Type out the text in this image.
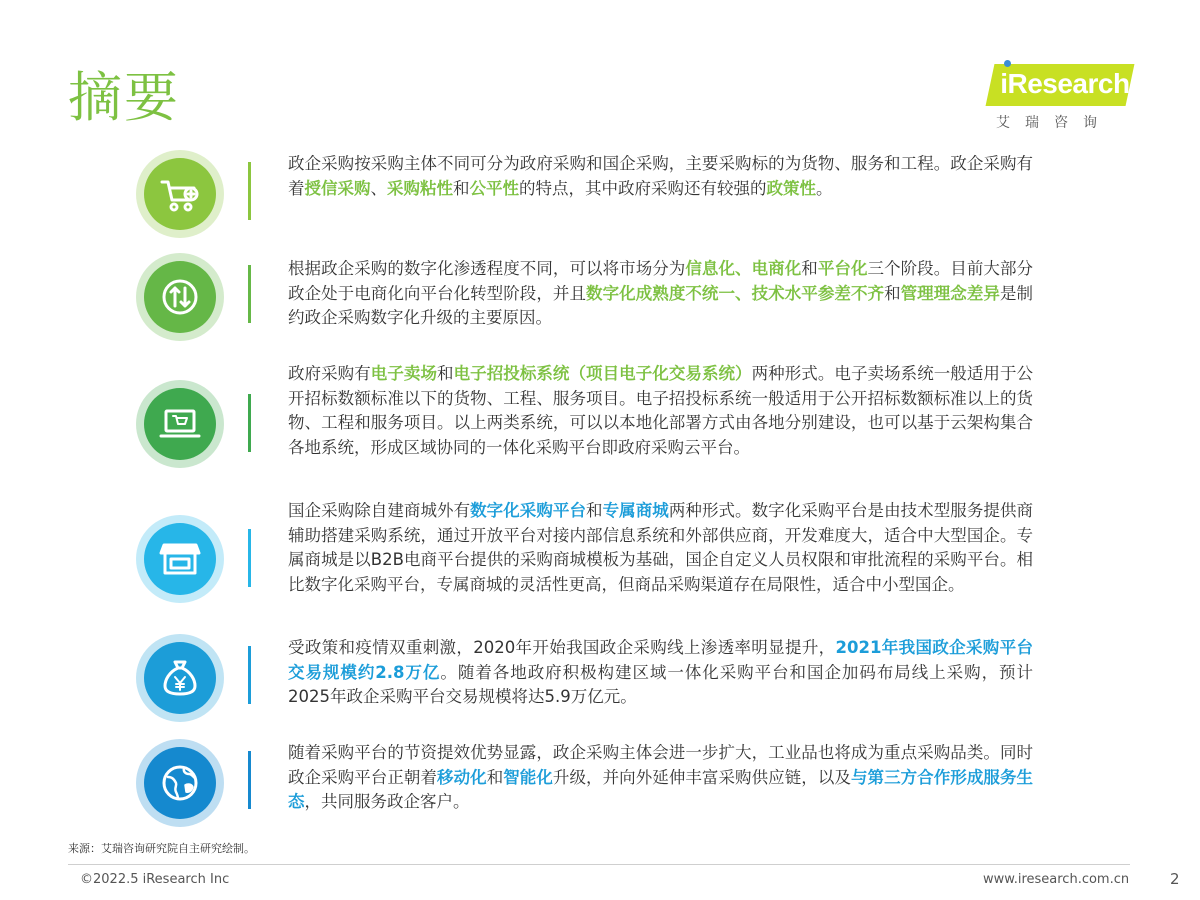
摘要	iResearch
艾瑞咨询
政企采购按采购主体不同可分为政府采购和国企采购，主要采购标的为货物、服务和工程。政企采购有着授信采购、采购粘性和公平性的特点，其中政府采购还有较强的政策性。
根据政企采购的数字化渗透程度不同，可以将市场分为信息化、电商化和平台化三个阶段。目前大部分政企处于电商化向平台化转型阶段，并且数字化成熟度不统一、技术水平参差不齐和管理理念差异是制约政企采购数字化升级的主要原因。
政府采购有电子卖场和电子招投标系统（项目电子化交易系统）两种形式。电子卖场系统一般适用于公开招标数额标准以下的货物、工程、服务项目。电子招投标系统一般适用于公开招标数额标准以上的货物、工程和服务项目。以上两类系统，可以以本地化部署方式由各地分别建设，也可以基于云架构集合各地系统，形成区域协同的一体化采购平台即政府采购云平台。
国企采购除自建商城外有数字化采购平台和专属商城两种形式。数字化采购平台是由技术型服务提供商辅助搭建采购系统，通过开放平台对接内部信息系统和外部供应商，开发难度大，适合中大型国企。专属商城是以B2B电商平台提供的采购商城模板为基础，国企自定义人员权限和审批流程的采购平台。相比数字化采购平台，专属商城的灵活性更高，但商品采购渠道存在局限性，适合中小型国企。
受政策和疫情双重刺激，2020年开始我国政企采购线上渗透率明显提升，2021年我国政企采购平台交易规模约2.8万亿。随着各地政府积极构建区域一体化采购平台和国企加码布局线上采购，预计2025年政企采购平台交易规模将达5.9万亿元。
随着采购平台的节资提效优势显露，政企采购主体会进一步扩大，工业品也将成为重点采购品类。同时政企采购平台正朝着移动化和智能化升级，并向外延伸丰富采购供应链，以及与第三方合作形成服务生态，共同服务政企客户。
来源：艾瑞咨询研究院自主研究绘制。
©2022.5 iResearch Inc	www.iresearch.com.cn	2
